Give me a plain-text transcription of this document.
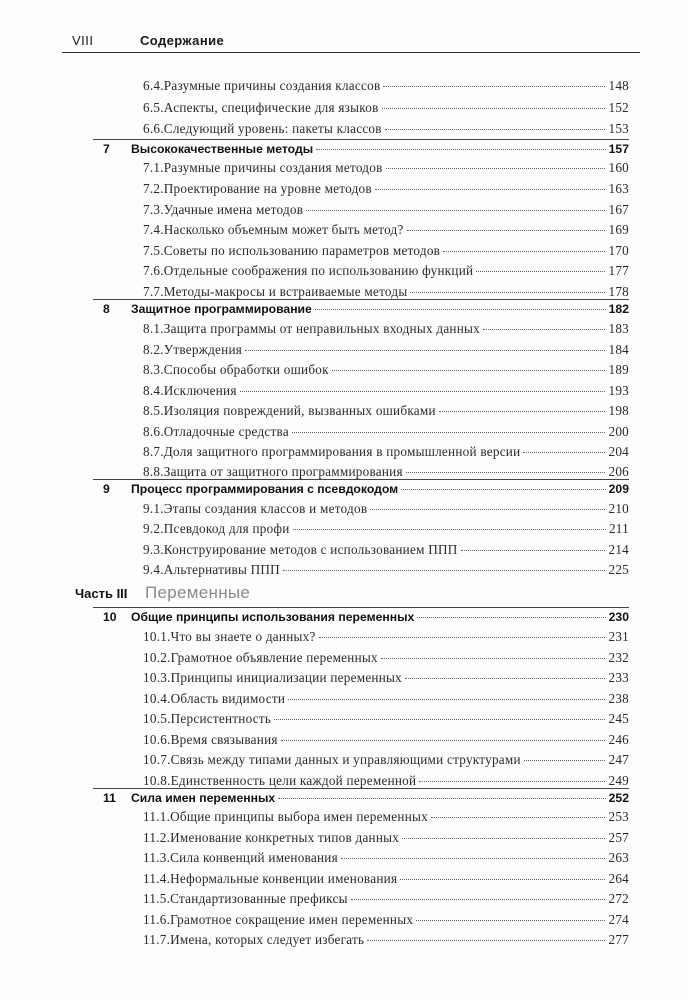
VIII	Содержание
Часть III	Переменные
6.4. Разумные причины создания классов	148
6.5. Аспекты, специфические для языков	152
6.6. Следующий уровень: пакеты классов	153
7	Высококачественные методы	157
7.1. Разумные причины создания методов	160
7.2. Проектирование на уровне методов	163
7.3. Удачные имена методов	167
7.4. Насколько объемным может быть метод?	169
7.5. Советы по использованию параметров методов	170
7.6. Отдельные соображения по использованию функций	177
7.7. Методы-макросы и встраиваемые методы	178
8	Защитное программирование	182
8.1. Защита программы от неправильных входных данных	183
8.2. Утверждения	184
8.3. Способы обработки ошибок	189
8.4. Исключения	193
8.5. Изоляция повреждений, вызванных ошибками	198
8.6. Отладочные средства	200
8.7. Доля защитного программирования в промышленной версии	204
8.8. Защита от защитного программирования	206
9	Процесс программирования с псевдокодом	209
9.1. Этапы создания классов и методов	210
9.2. Псевдокод для профи	211
9.3. Конструирование методов с использованием ППП	214
9.4. Альтернативы ППП	225
10	Общие принципы использования переменных	230
10.1. Что вы знаете о данных?	231
10.2. Грамотное объявление переменных	232
10.3. Принципы инициализации переменных	233
10.4. Область видимости	238
10.5. Персистентность	245
10.6. Время связывания	246
10.7. Связь между типами данных и управляющими структурами	247
10.8. Единственность цели каждой переменной	249
11	Сила имен переменных	252
11.1. Общие принципы выбора имен переменных	253
11.2. Именование конкретных типов данных	257
11.3. Сила конвенций именования	263
11.4. Неформальные конвенции именования	264
11.5. Стандартизованные префиксы	272
11.6. Грамотное сокращение имен переменных	274
11.7. Имена, которых следует избегать	277
